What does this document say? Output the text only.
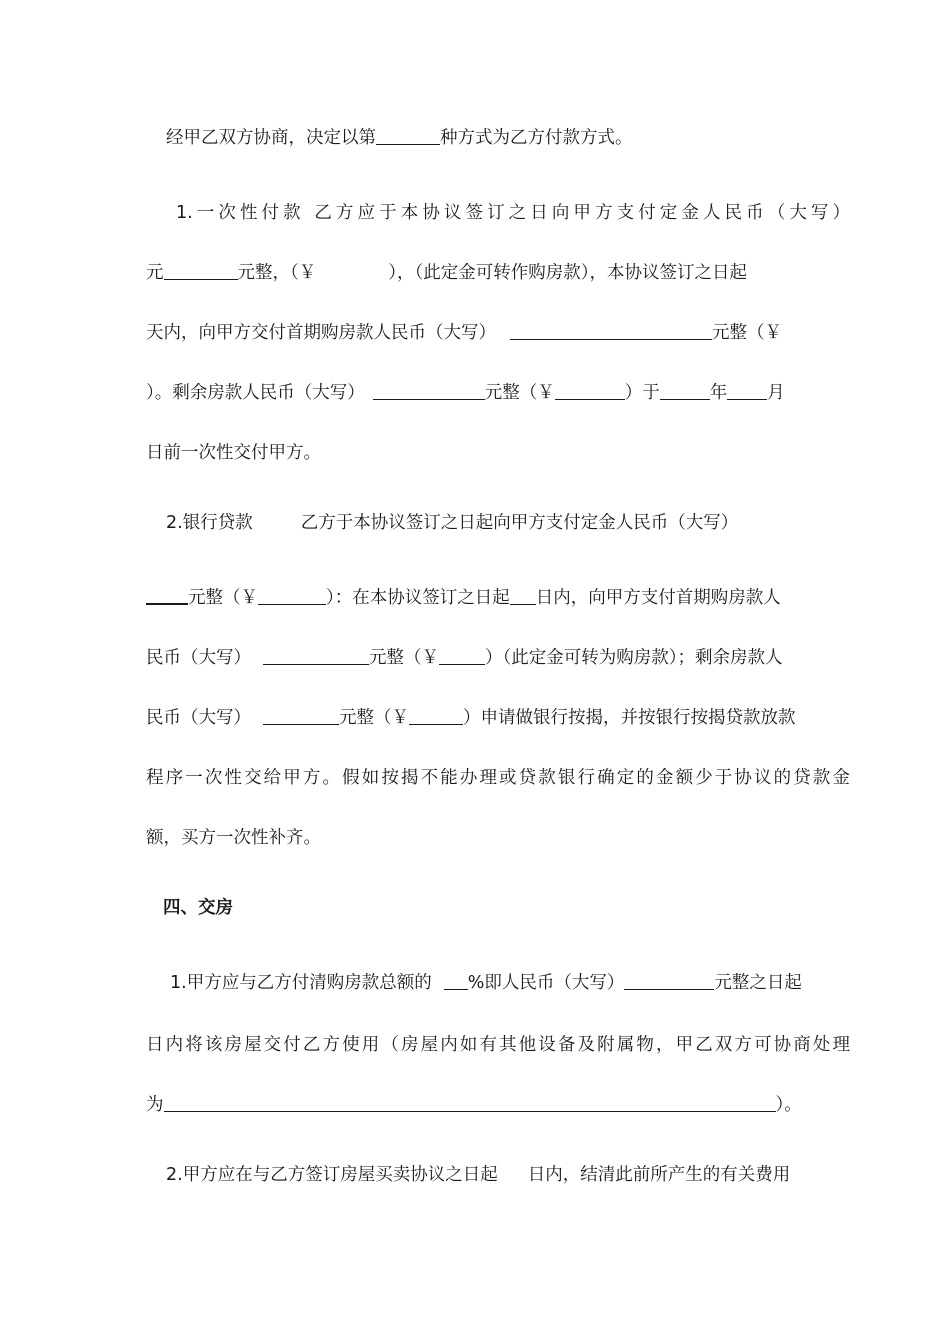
经甲乙双方协商，决定以第	种方式为乙方付款方式。
1.一次性付款 乙方应于本协议签订之日向甲方支付定金人民币（大写）
元	元整，（￥	），（此定金可转作购房款），本协议签订之日起
天内，向甲方交付首期购房款人民币（大写）	元整（￥
）。剩余房款人民币（大写）	元整（￥	）于	年 月
日前一次性交付甲方。
2.银行贷款	乙方于本协议签订之日起向甲方支付定金人民币（大写）
元整（￥	）：在本协议签订之日起 日内，向甲方支付首期购房款人
民币（大写）	元整（￥	）（此定金可转为购房款）；剩余房款人
民币（大写）	元整（￥	）申请做银行按揭，并按银行按揭贷款放款
程序一次性交给甲方。假如按揭不能办理或贷款银行确定的金额少于协议的贷款金
额，买方一次性补齐。
四、交房
1.甲方应与乙方付清购房款总额的 %即人民币（大写）	元整之日起
日内将该房屋交付乙方使用（房屋内如有其他设备及附属物，甲乙双方可协商处理
为	）。
2.甲方应在与乙方签订房屋买卖协议之日起 日内，结清此前所产生的有关费用
